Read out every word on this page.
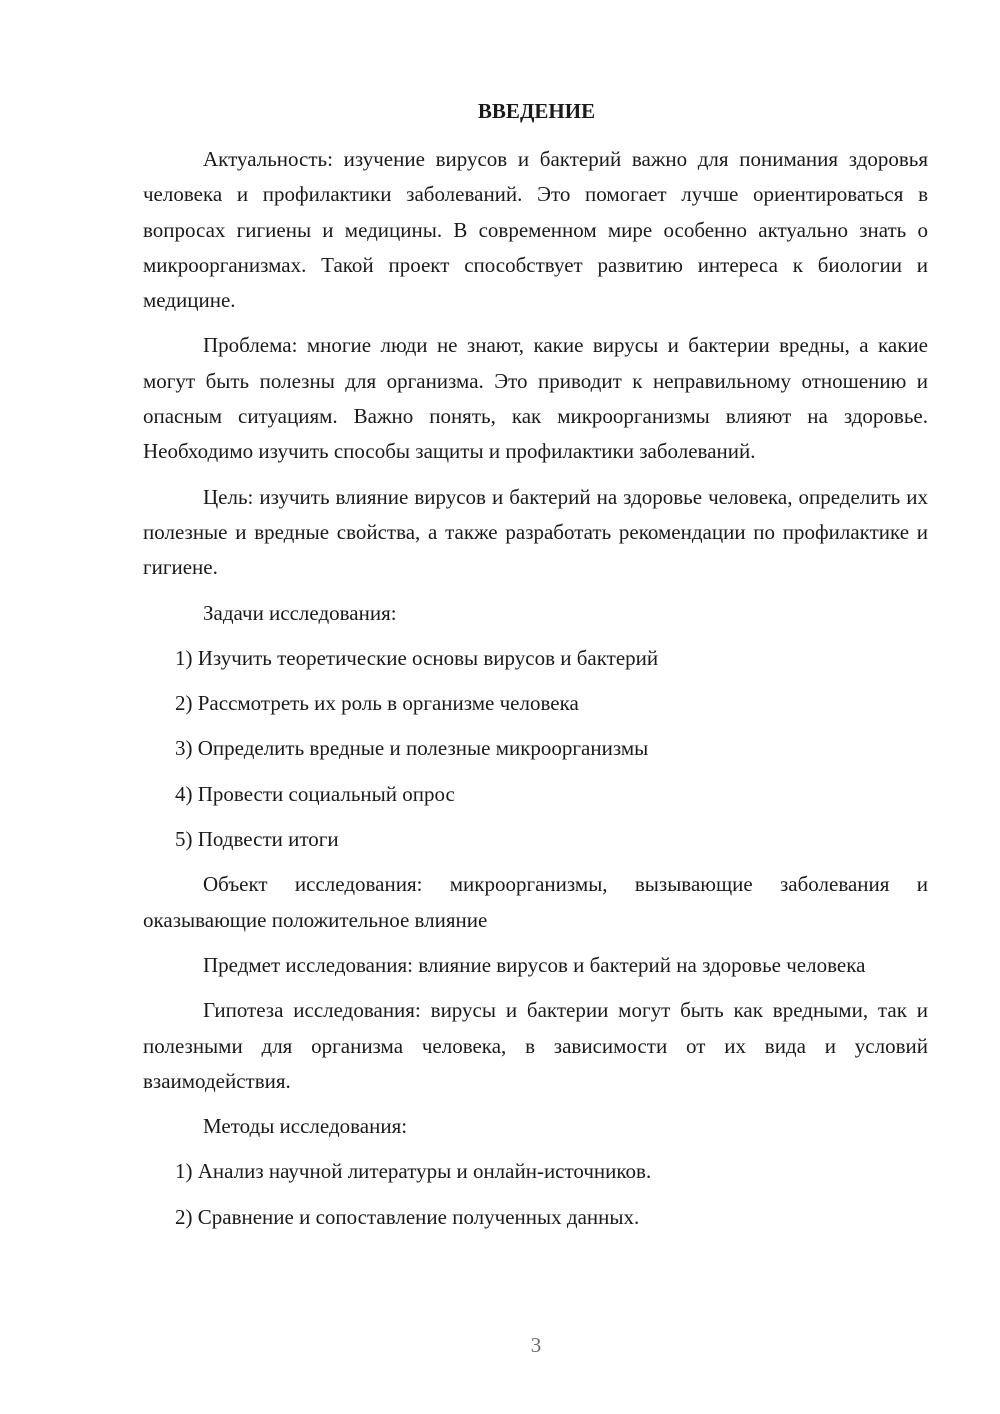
ВВЕДЕНИЕ

Актуальность: изучение вирусов и бактерий важно для понимания здоровья человека и профилактики заболеваний. Это помогает лучше ориентироваться в вопросах гигиены и медицины. В современном мире особенно актуально знать о микроорганизмах. Такой проект способствует развитию интереса к биологии и медицине.

Проблема: многие люди не знают, какие вирусы и бактерии вредны, а какие могут быть полезны для организма. Это приводит к неправильному отношению и опасным ситуациям. Важно понять, как микроорганизмы влияют на здоровье. Необходимо изучить способы защиты и профилактики заболеваний.

Цель: изучить влияние вирусов и бактерий на здоровье человека, определить их полезные и вредные свойства, а также разработать рекомендации по профилактике и гигиене.

Задачи исследования:

1) Изучить теоретические основы вирусов и бактерий
2) Рассмотреть их роль в организме человека
3) Определить вредные и полезные микроорганизмы
4) Провести социальный опрос
5) Подвести итоги

Объект исследования: микроорганизмы, вызывающие заболевания и оказывающие положительное влияние

Предмет исследования: влияние вирусов и бактерий на здоровье человека

Гипотеза исследования: вирусы и бактерии могут быть как вредными, так и полезными для организма человека, в зависимости от их вида и условий взаимодействия.

Методы исследования:

1) Анализ научной литературы и онлайн-источников.
2) Сравнение и сопоставление полученных данных.
3
